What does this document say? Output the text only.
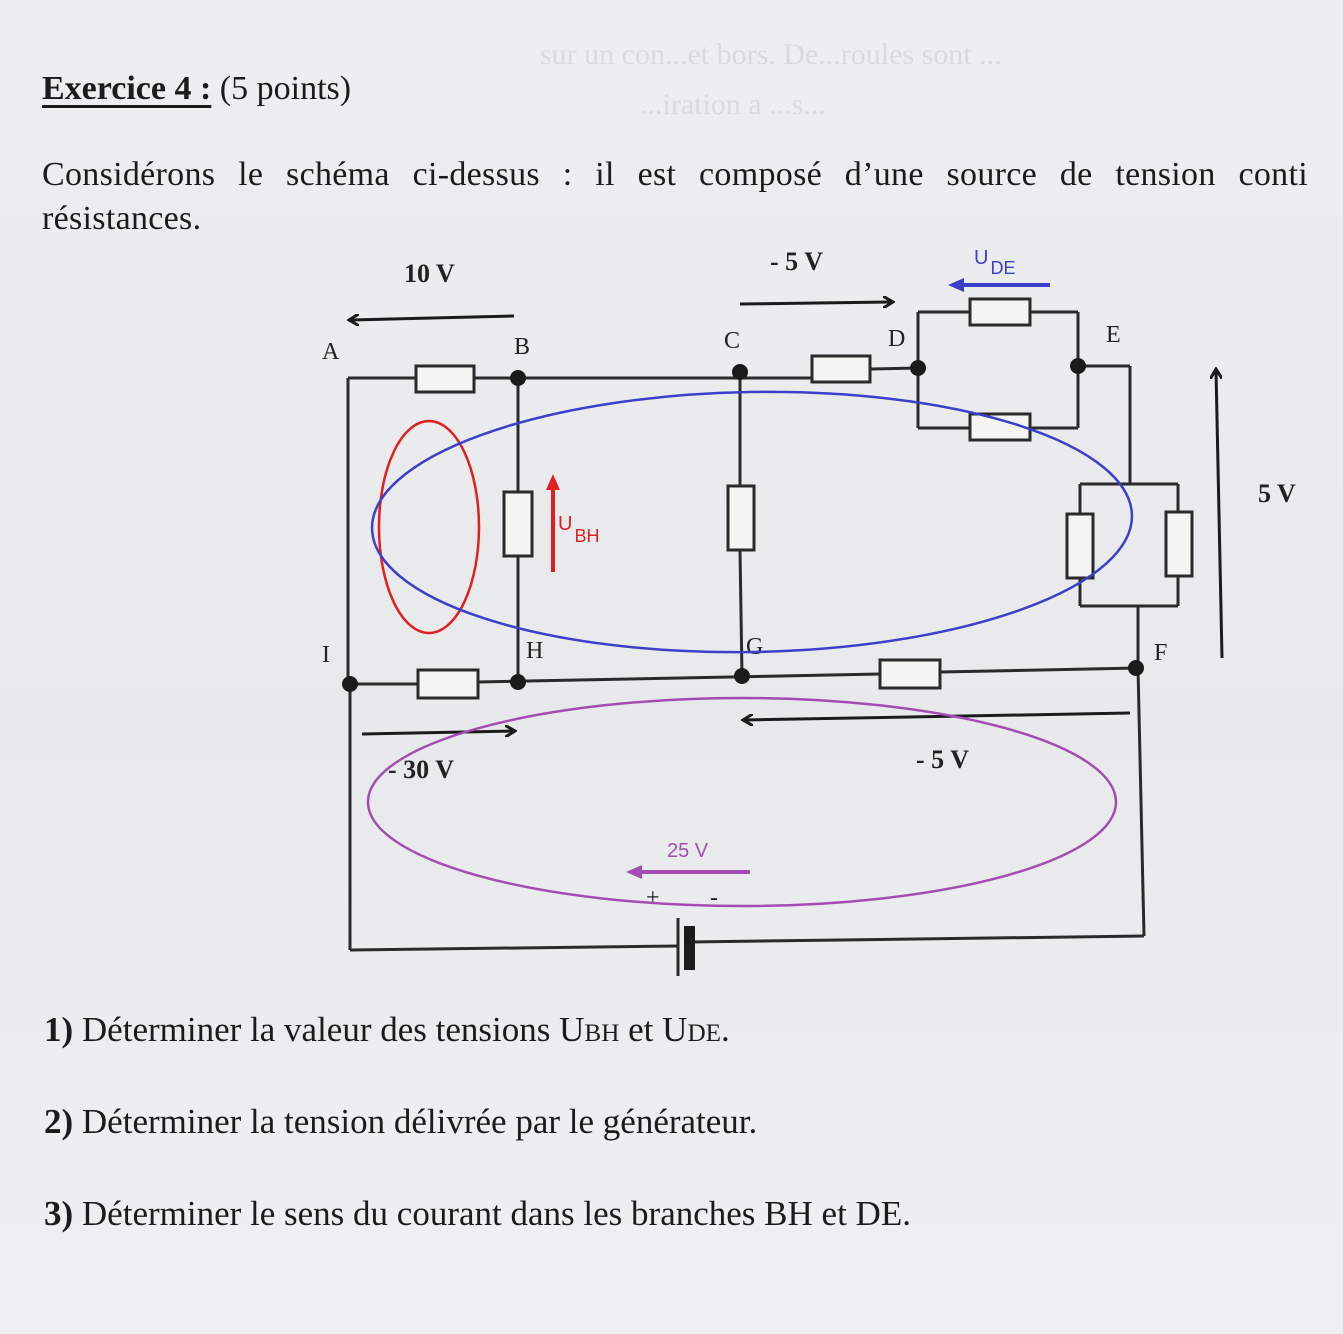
sur un con...et bors. De...roules sont ...
...iration a ...s...
Exercice 4 : (5 points)
Considérons le schéma ci-dessus : il est composé d’une source de tension conti
résistances.
A	B	C	D	E
F
G
H
I
10 V	- 5 V
5 V
- 30 V	- 5 V
+ -
UBH
U DE
25 V
1) Déterminer la valeur des tensions UBH et UDE.
2) Déterminer la tension délivrée par le générateur.
3) Déterminer le sens du courant dans les branches BH et DE.
